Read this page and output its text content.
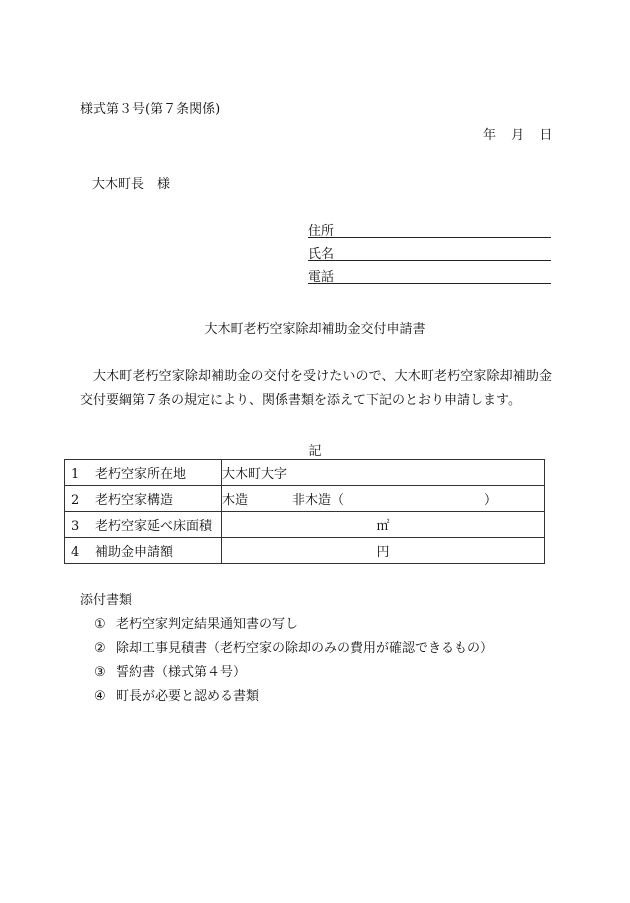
様式第３号(第７条関係)
年 月 日
大木町長　様
住所
氏名
電話
大木町老朽空家除却補助金交付申請書
大木町老朽空家除却補助金の交付を受けたいので、大木町老朽空家除却補助金交付要綱第７条の規定により、関係書類を添えて下記のとおり申請します。
記
1 老朽空家所在地	大木町大字
2 老朽空家構造	木造 非木造（ ）
3 老朽空家延べ床面積	㎡
4 補助金申請額	円
添付書類
① 老朽空家判定結果通知書の写し
② 除却工事見積書（老朽空家の除却のみの費用が確認できるもの）
③ 誓約書（様式第４号）
④ 町長が必要と認める書類
